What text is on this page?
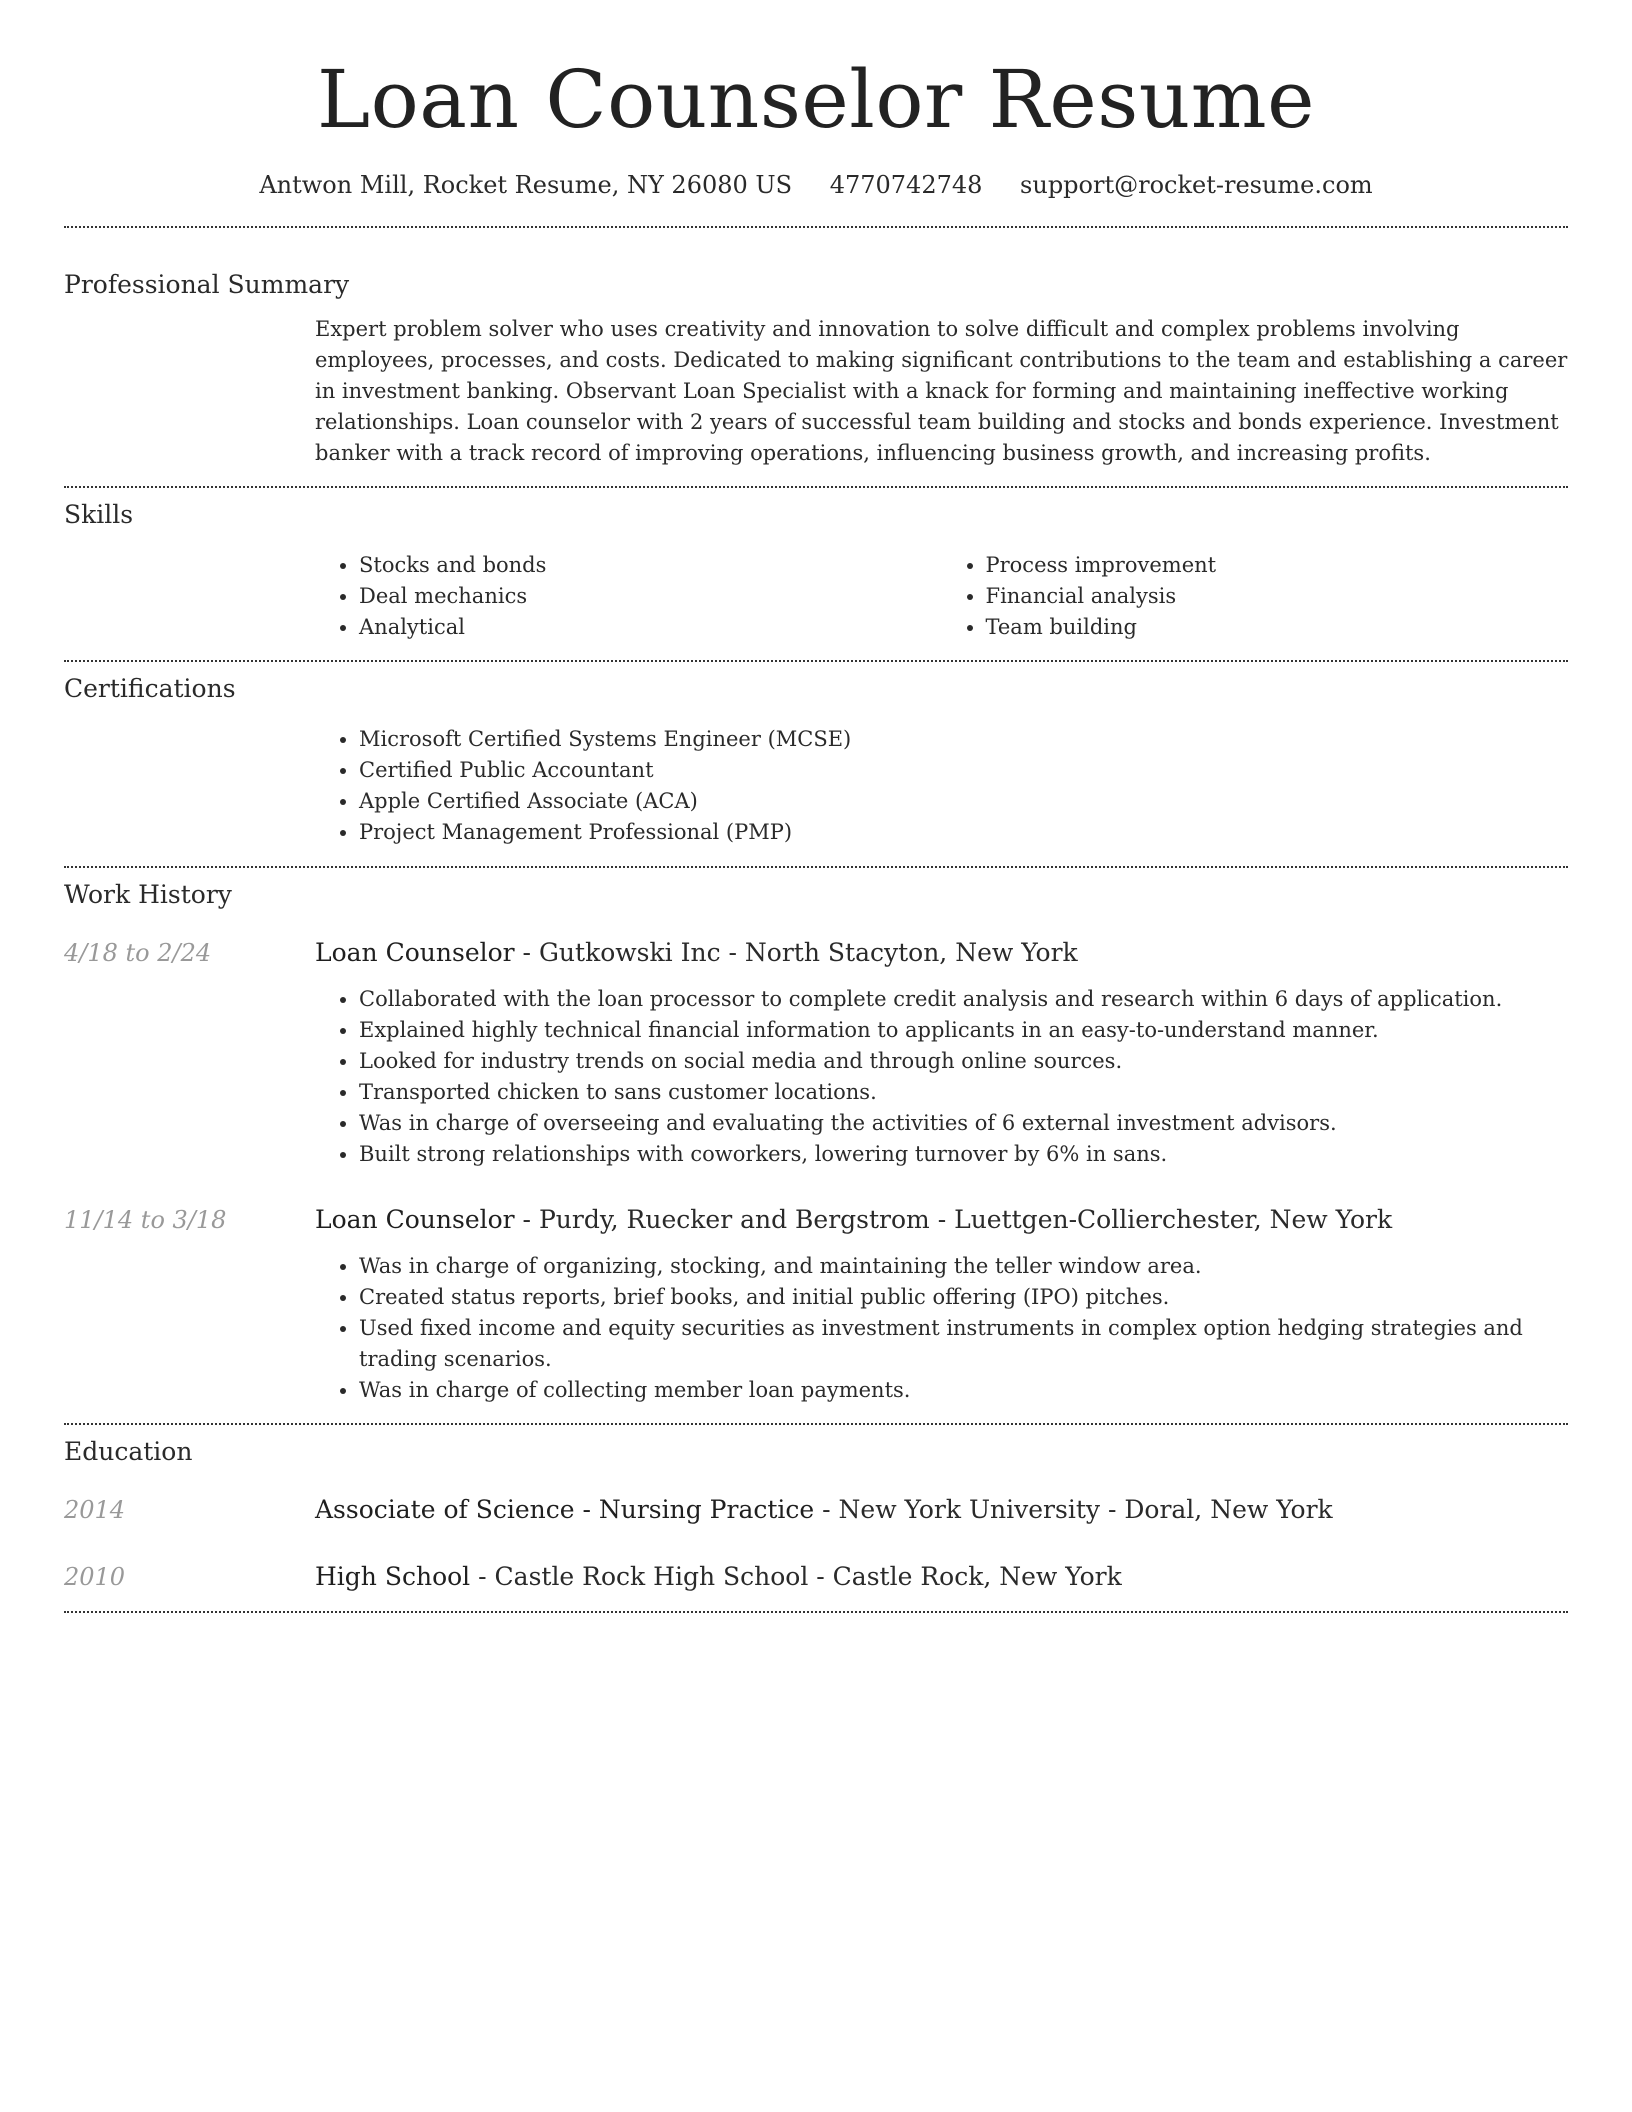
Loan Counselor Resume
Antwon Mill, Rocket Resume, NY 26080 US 4770742748 support@rocket-resume.com
Professional Summary

Expert problem solver who uses creativity and innovation to solve difficult and complex problems involving employees, processes, and costs. Dedicated to making significant contributions to the team and establishing a career in investment banking. Observant Loan Specialist with a knack for forming and maintaining ineffective working relationships. Loan counselor with 2 years of successful team building and stocks and bonds experience. Investment banker with a track record of improving operations, influencing business growth, and increasing profits.

Skills
• Stocks and bonds
• Deal mechanics
• Analytical
• Process improvement
• Financial analysis
• Team building
Certifications
• Microsoft Certified Systems Engineer (MCSE)
• Certified Public Accountant
• Apple Certified Associate (ACA)
• Project Management Professional (PMP)
Work History
4/18 to 2/24	Loan Counselor - Gutkowski Inc - North Stacyton, New York
• Collaborated with the loan processor to complete credit analysis and research within 6 days of application.
• Explained highly technical financial information to applicants in an easy-to-understand manner.
• Looked for industry trends on social media and through online sources.
• Transported chicken to sans customer locations.
• Was in charge of overseeing and evaluating the activities of 6 external investment advisors.
• Built strong relationships with coworkers, lowering turnover by 6% in sans.
11/14 to 3/18	Loan Counselor - Purdy, Ruecker and Bergstrom - Luettgen-Collierchester, New York
• Was in charge of organizing, stocking, and maintaining the teller window area.
• Created status reports, brief books, and initial public offering (IPO) pitches.
• Used fixed income and equity securities as investment instruments in complex option hedging strategies and trading scenarios.
• Was in charge of collecting member loan payments.
Education
2014	Associate of Science - Nursing Practice - New York University - Doral, New York
2010	High School - Castle Rock High School - Castle Rock, New York
